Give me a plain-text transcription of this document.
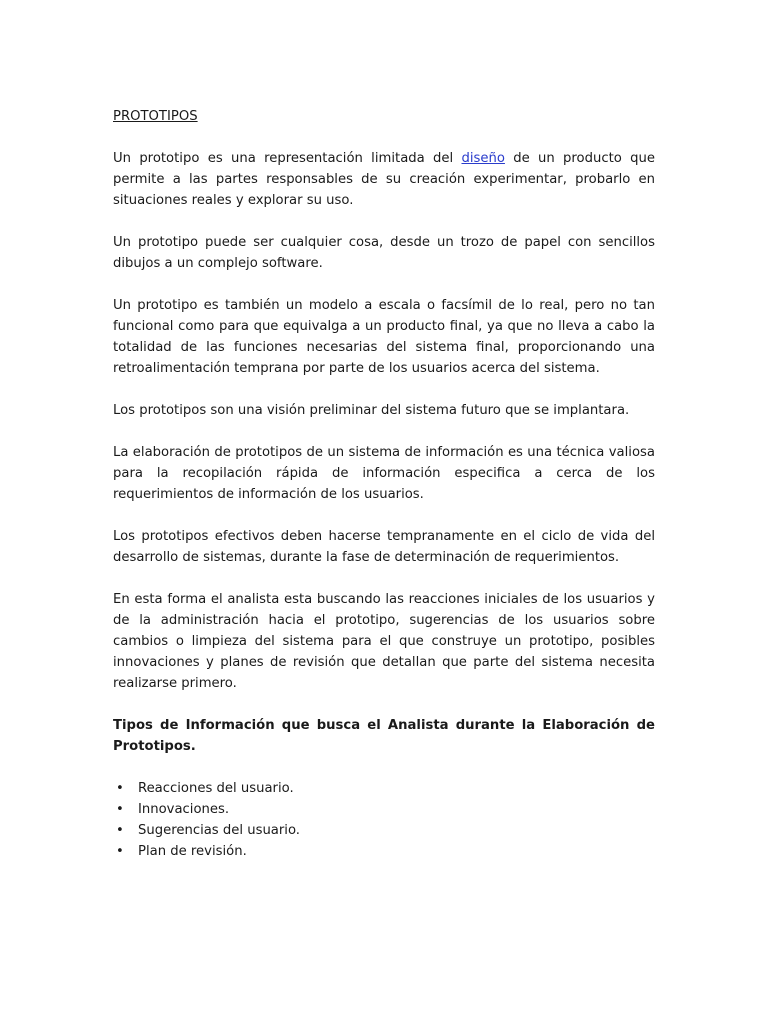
PROTOTIPOS

Un prototipo es una representación limitada del diseño de un producto que permite a las partes responsables de su creación experimentar, probarlo en situaciones reales y explorar su uso.

Un prototipo puede ser cualquier cosa, desde un trozo de papel con sencillos dibujos a un complejo software.

Un prototipo es también un modelo a escala o facsímil de lo real, pero no tan funcional como para que equivalga a un producto final, ya que no lleva a cabo la totalidad de las funciones necesarias del sistema final, proporcionando una retroalimentación temprana por parte de los usuarios acerca del sistema.

Los prototipos son una visión preliminar del sistema futuro que se implantara.

La elaboración de prototipos de un sistema de información es una técnica valiosa para la recopilación rápida de información especifica a cerca de los requerimientos de información de los usuarios.

Los prototipos efectivos deben hacerse tempranamente en el ciclo de vida del desarrollo de sistemas, durante la fase de determinación de requerimientos.

En esta forma el analista esta buscando las reacciones iniciales de los usuarios y de la administración hacia el prototipo, sugerencias de los usuarios sobre cambios o limpieza del sistema para el que construye un prototipo, posibles innovaciones y planes de revisión que detallan que parte del sistema necesita realizarse primero.

Tipos de Información que busca el Analista durante la Elaboración de Prototipos.
• Reacciones del usuario.
• Innovaciones.
• Sugerencias del usuario.
• Plan de revisión.
